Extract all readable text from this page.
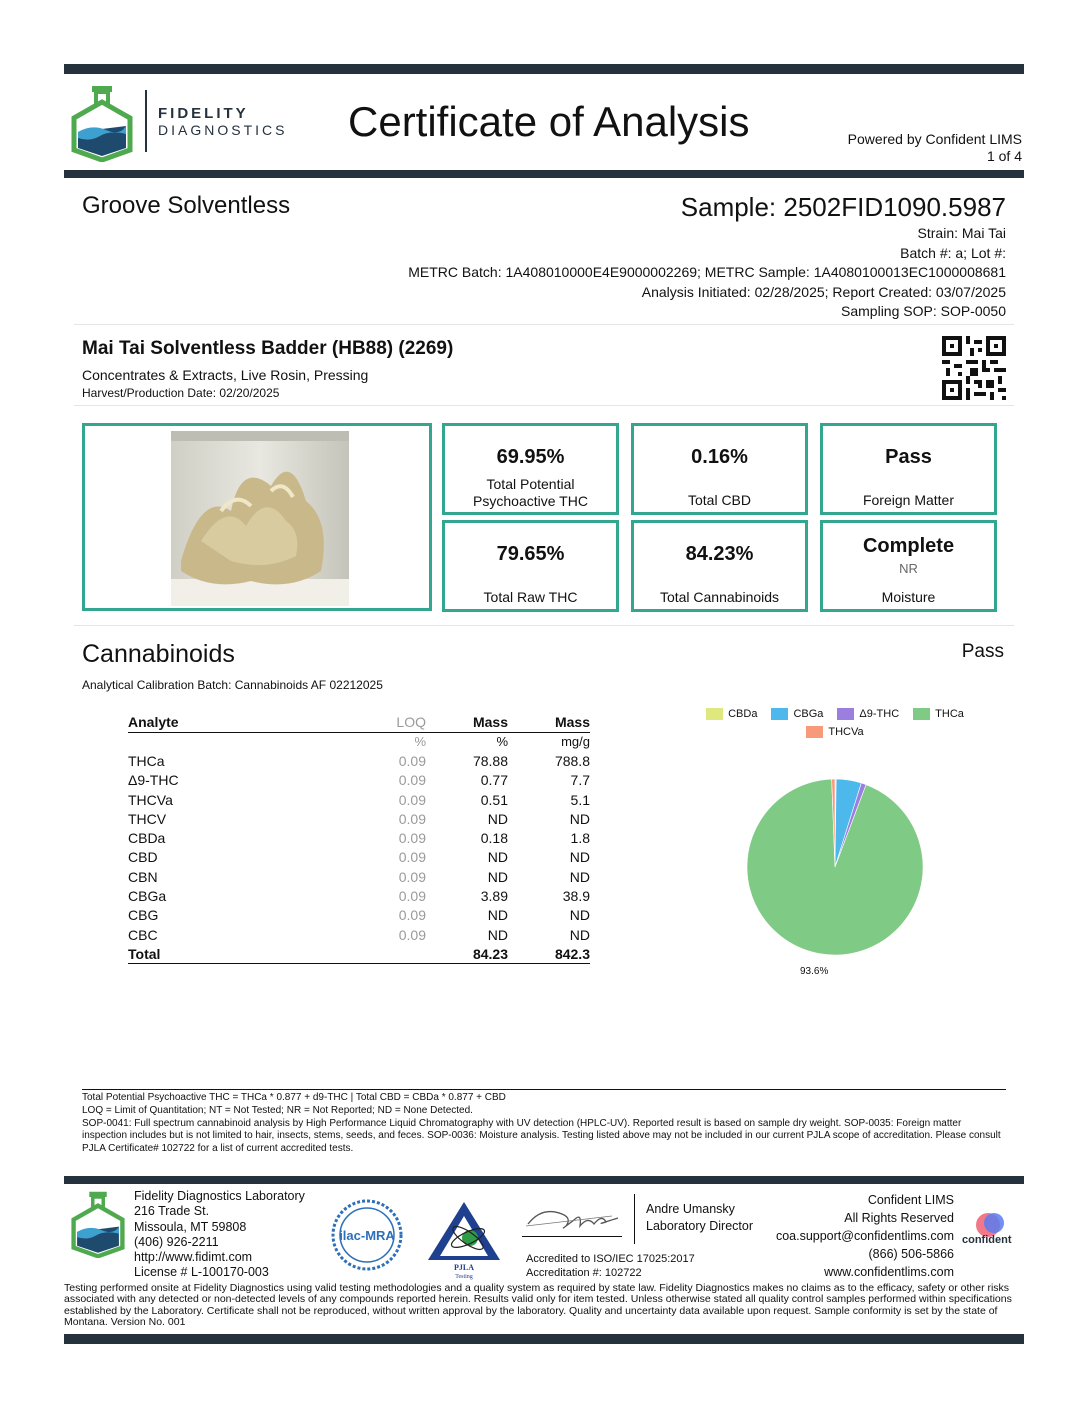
FIDELITY
DIAGNOSTICS Certificate of Analysis	Powered by Confident LIMS
1 of 4
Groove Solventless	Sample: 2502FID1090.5987
Strain: Mai Tai
Batch #: a; Lot #:
METRC Batch: 1A408010000E4E9000002269; METRC Sample: 1A4080100013EC1000008681
Analysis Initiated: 02/28/2025; Report Created: 03/07/2025
Sampling SOP: SOP-0050
Mai Tai Solventless Badder (HB88) (2269)
Concentrates & Extracts, Live Rosin, Pressing
Harvest/Production Date: 02/20/2025
69.95%
Total Potential
Psychoactive THC
0.16%
Total CBD
Pass
Foreign Matter
79.65%
Total Raw THC
84.23%
Total Cannabinoids
Complete
NR
Moisture
Cannabinoids	Pass
Analytical Calibration Batch: Cannabinoids AF 02212025
Analyte	LOQ	Mass	Mass
	%	%	mg/g
THCa	0.09	78.88	788.8
Δ9-THC	0.09	0.77	7.7
THCVa	0.09	0.51	5.1
THCV	0.09	ND	ND
CBDa	0.09	0.18	1.8
CBD	0.09	ND	ND
CBN	0.09	ND	ND
CBGa	0.09	3.89	38.9
CBG	0.09	ND	ND
CBC	0.09	ND	ND
Total		84.23	842.3
CBDa	CBGa	Δ9-THC	THCa
THCVa
93.6%
Total Potential Psychoactive THC = THCa * 0.877 + d9-THC | Total CBD = CBDa * 0.877 + CBD
LOQ = Limit of Quantitation; NT = Not Tested; NR = Not Reported; ND = None Detected.
SOP-0041: Full spectrum cannabinoid analysis by High Performance Liquid Chromatography with UV detection (HPLC-UV). Reported result is based on sample dry weight. SOP-0035: Foreign matter inspection includes but is not limited to hair, insects, stems, seeds, and feces. SOP-0036: Moisture analysis. Testing listed above may not be included in our current PJLA scope of accreditation. Please consult PJLA Certificate# 102722 for a list of current accredited tests.
Fidelity Diagnostics Laboratory
216 Trade St.
Missoula, MT 59808
(406) 926-2211
http://www.fidimt.com
License # L-100170-003
ilac-MRA
PJLA
Testing
Andre Umansky
Laboratory Director
Accredited to ISO/IEC 17025:2017
Accreditation #: 102722
Confident LIMS
All Rights Reserved
coa.support@confidentlims.com
(866) 506-5866
www.confidentlims.com
confident
Testing performed onsite at Fidelity Diagnostics using valid testing methodologies and a quality system as required by state law. Fidelity Diagnostics makes no claims as to the efficacy, safety or other risks associated with any detected or non-detected levels of any compounds reported herein. Results valid only for item tested. Unless otherwise stated all quality control samples performed within specifications established by the Laboratory. Certificate shall not be reproduced, without written approval by the laboratory. Quality and uncertainty data available upon request. Sample conformity is set by the state of Montana. Version No. 001
